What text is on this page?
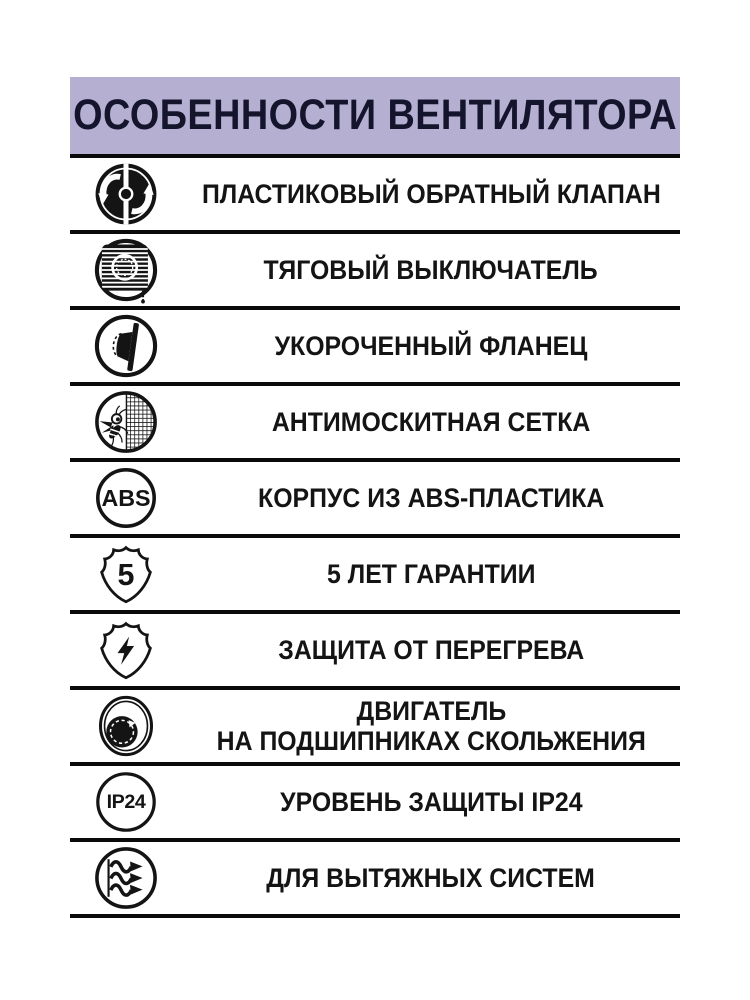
ОСОБЕННОСТИ ВЕНТИЛЯТОРА
ПЛАСТИКОВЫЙ ОБРАТНЫЙ КЛАПАН
ТЯГОВЫЙ ВЫКЛЮЧАТЕЛЬ
УКОРОЧЕННЫЙ ФЛАНЕЦ
АНТИМОСКИТНАЯ СЕТКА
ABS	КОРПУС ИЗ ABS-ПЛАСТИКА
5	5 ЛЕТ ГАРАНТИИ
ЗАЩИТА ОТ ПЕРЕГРЕВА
ДВИГАТЕЛЬ
НА ПОДШИПНИКАХ СКОЛЬЖЕНИЯ
IP24	УРОВЕНЬ ЗАЩИТЫ IP24
ДЛЯ ВЫТЯЖНЫХ СИСТЕМ
